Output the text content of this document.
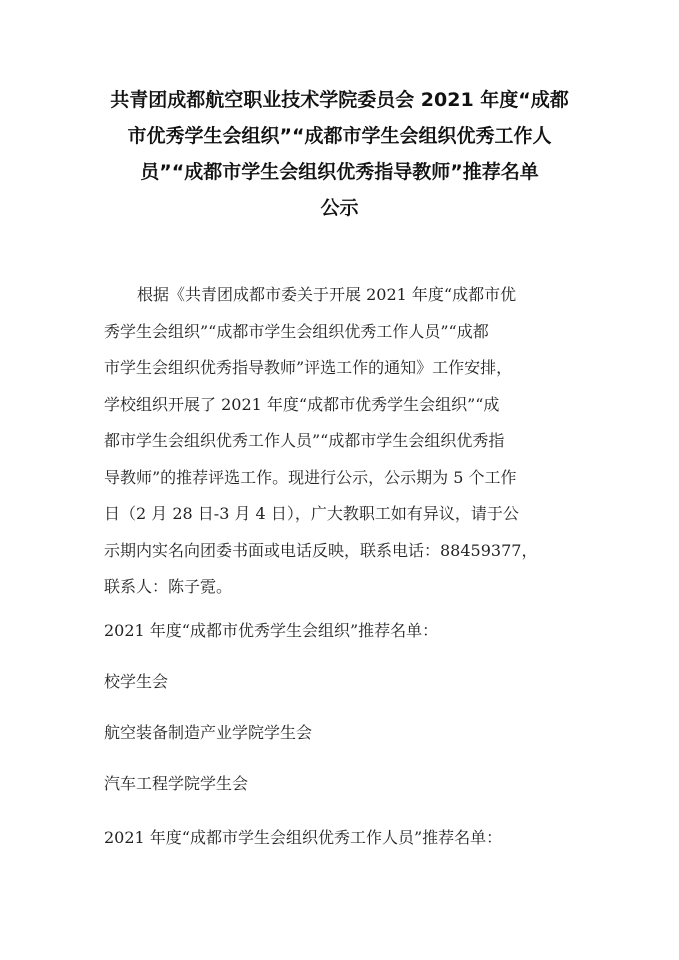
共青团成都航空职业技术学院委员会 2021 年度“成都
市优秀学生会组织”“成都市学生会组织优秀工作人
员”“成都市学生会组织优秀指导教师”推荐名单
公示
根据《共青团成都市委关于开展 2021 年度“成都市优
秀学生会组织”“成都市学生会组织优秀工作人员”“成都
市学生会组织优秀指导教师”评选工作的通知》工作安排，
学校组织开展了 2021 年度“成都市优秀学生会组织”“成
都市学生会组织优秀工作人员”“成都市学生会组织优秀指
导教师”的推荐评选工作。现进行公示，公示期为 5 个工作
日（2 月 28 日-3 月 4 日），广大教职工如有异议，请于公
示期内实名向团委书面或电话反映，联系电话：88459377，
联系人：陈子霓。
2021 年度“成都市优秀学生会组织”推荐名单：
校学生会
航空装备制造产业学院学生会
汽车工程学院学生会
2021 年度“成都市学生会组织优秀工作人员”推荐名单：
